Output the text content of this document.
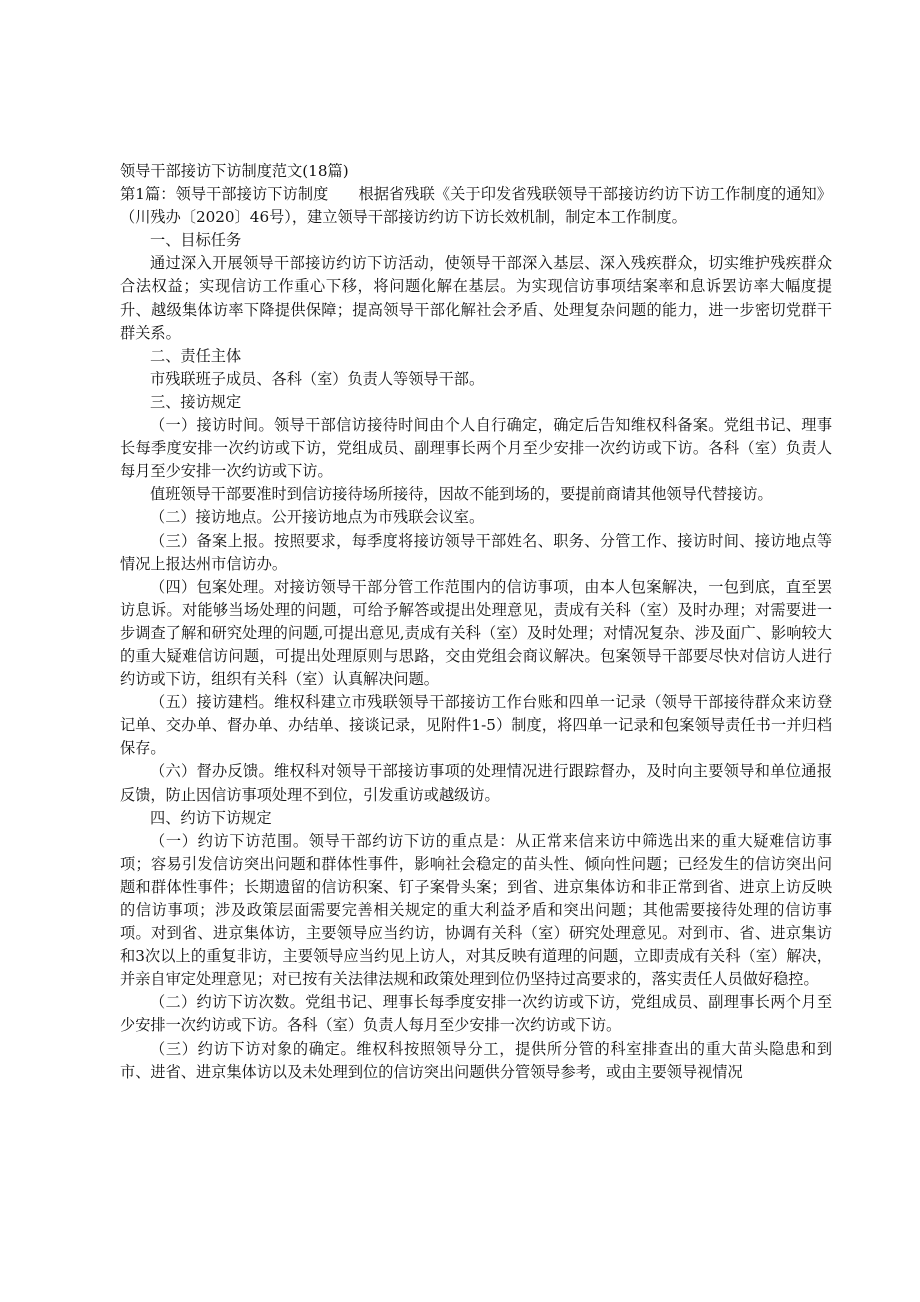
领导干部接访下访制度范文(18篇)

第1篇：领导干部接访下访制度 根据省残联《关于印发省残联领导干部接访约访下访工作制度的通知》（川残办〔2020〕46号），建立领导干部接访约访下访长效机制，制定本工作制度。

一、目标任务

通过深入开展领导干部接访约访下访活动，使领导干部深入基层、深入残疾群众，切实维护残疾群众合法权益；实现信访工作重心下移，将问题化解在基层。为实现信访事项结案率和息诉罢访率大幅度提升、越级集体访率下降提供保障；提高领导干部化解社会矛盾、处理复杂问题的能力，进一步密切党群干群关系。

二、责任主体

市残联班子成员、各科（室）负责人等领导干部。

三、接访规定

（一）接访时间。领导干部信访接待时间由个人自行确定，确定后告知维权科备案。党组书记、理事长每季度安排一次约访或下访，党组成员、副理事长两个月至少安排一次约访或下访。各科（室）负责人每月至少安排一次约访或下访。

值班领导干部要准时到信访接待场所接待，因故不能到场的，要提前商请其他领导代替接访。

（二）接访地点。公开接访地点为市残联会议室。

（三）备案上报。按照要求，每季度将接访领导干部姓名、职务、分管工作、接访时间、接访地点等情况上报达州市信访办。

（四）包案处理。对接访领导干部分管工作范围内的信访事项，由本人包案解决，一包到底，直至罢访息诉。对能够当场处理的问题，可给予解答或提出处理意见，责成有关科（室）及时办理；对需要进一步调查了解和研究处理的问题,可提出意见,责成有关科（室）及时处理；对情况复杂、涉及面广、影响较大的重大疑难信访问题，可提出处理原则与思路，交由党组会商议解决。包案领导干部要尽快对信访人进行约访或下访，组织有关科（室）认真解决问题。

（五）接访建档。维权科建立市残联领导干部接访工作台账和四单一记录（领导干部接待群众来访登记单、交办单、督办单、办结单、接谈记录，见附件1-5）制度，将四单一记录和包案领导责任书一并归档保存。

（六）督办反馈。维权科对领导干部接访事项的处理情况进行跟踪督办，及时向主要领导和单位通报反馈，防止因信访事项处理不到位，引发重访或越级访。

四、约访下访规定

（一）约访下访范围。领导干部约访下访的重点是：从正常来信来访中筛选出来的重大疑难信访事项；容易引发信访突出问题和群体性事件，影响社会稳定的苗头性、倾向性问题；已经发生的信访突出问题和群体性事件；长期遗留的信访积案、钉子案骨头案；到省、进京集体访和非正常到省、进京上访反映的信访事项；涉及政策层面需要完善相关规定的重大利益矛盾和突出问题；其他需要接待处理的信访事项。对到省、进京集体访，主要领导应当约访，协调有关科（室）研究处理意见。对到市、省、进京集访和3次以上的重复非访，主要领导应当约见上访人，对其反映有道理的问题，立即责成有关科（室）解决，并亲自审定处理意见；对已按有关法律法规和政策处理到位仍坚持过高要求的，落实责任人员做好稳控。

（二）约访下访次数。党组书记、理事长每季度安排一次约访或下访，党组成员、副理事长两个月至少安排一次约访或下访。各科（室）负责人每月至少安排一次约访或下访。

（三）约访下访对象的确定。维权科按照领导分工，提供所分管的科室排查出的重大苗头隐患和到市、进省、进京集体访以及未处理到位的信访突出问题供分管领导参考，或由主要领导视情况
